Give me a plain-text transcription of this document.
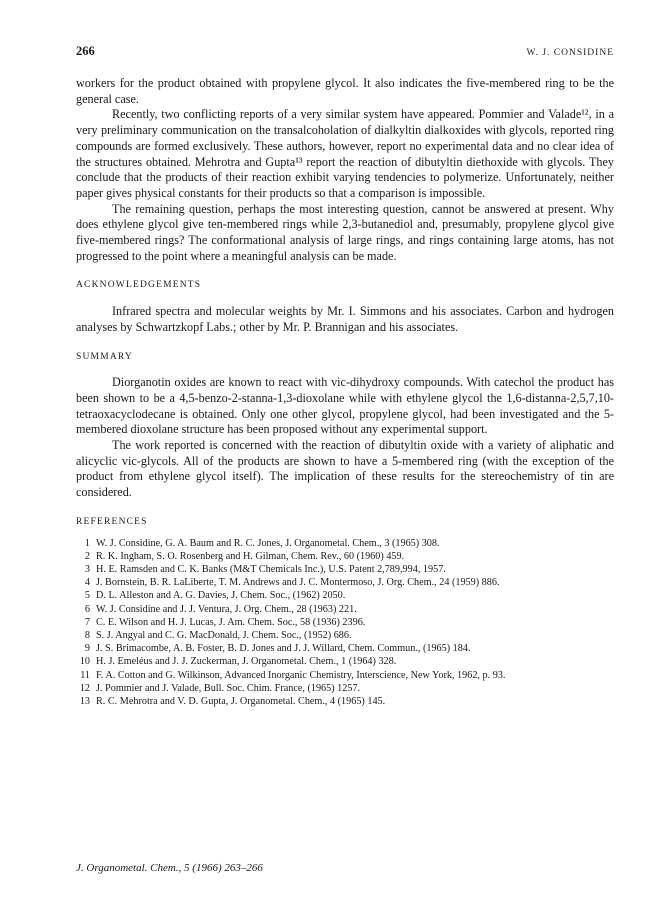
266	W. J. CONSIDINE

workers for the product obtained with propylene glycol. It also indicates the five-membered ring to be the general case.

Recently, two conflicting reports of a very similar system have appeared. Pommier and Valade¹², in a very preliminary communication on the transalcoholation of dialkyltin dialkoxides with glycols, reported ring compounds are formed exclusively. These authors, however, report no experimental data and no clear idea of the structures obtained. Mehrotra and Gupta¹³ report the reaction of dibutyltin diethoxide with glycols. They conclude that the products of their reaction exhibit varying tendencies to polymerize. Unfortunately, neither paper gives physical constants for their products so that a comparison is impossible.

The remaining question, perhaps the most interesting question, cannot be answered at present. Why does ethylene glycol give ten-membered rings while 2,3-butanediol and, presumably, propylene glycol give five-membered rings? The conformational analysis of large rings, and rings containing large atoms, has not progressed to the point where a meaningful analysis can be made.

ACKNOWLEDGEMENTS

Infrared spectra and molecular weights by Mr. I. Simmons and his associates. Carbon and hydrogen analyses by Schwartzkopf Labs.; other by Mr. P. Brannigan and his associates.

SUMMARY

Diorganotin oxides are known to react with vic-dihydroxy compounds. With catechol the product has been shown to be a 4,5-benzo-2-stanna-1,3-dioxolane while with ethylene glycol the 1,6-distanna-2,5,7,10-tetraoxacyclodecane is obtained. Only one other glycol, propylene glycol, had been investigated and the 5-membered dioxolane structure has been proposed without any experimental support.

The work reported is concerned with the reaction of dibutyltin oxide with a variety of aliphatic and alicyclic vic-glycols. All of the products are shown to have a 5-membered ring (with the exception of the product from ethylene glycol itself). The implication of these results for the stereochemistry of tin are considered.

REFERENCES
1 W. J. Considine, G. A. Baum and R. C. Jones, J. Organometal. Chem., 3 (1965) 308.
2 R. K. Ingham, S. O. Rosenberg and H. Gilman, Chem. Rev., 60 (1960) 459.
3 H. E. Ramsden and C. K. Banks (M&T Chemicals Inc.), U.S. Patent 2,789,994, 1957.
4 J. Bornstein, B. R. LaLiberte, T. M. Andrews and J. C. Montermoso, J. Org. Chem., 24 (1959) 886.
5 D. L. Alleston and A. G. Davies, J. Chem. Soc., (1962) 2050.
6 W. J. Considine and J. J. Ventura, J. Org. Chem., 28 (1963) 221.
7 C. E. Wilson and H. J. Lucas, J. Am. Chem. Soc., 58 (1936) 2396.
8 S. J. Angyal and C. G. MacDonald, J. Chem. Soc., (1952) 686.
9 J. S. Brimacombe, A. B. Foster, B. D. Jones and J. J. Willard, Chem. Commun., (1965) 184.
10 H. J. Emeléus and J. J. Zuckerman, J. Organometal. Chem., 1 (1964) 328.
11 F. A. Cotton and G. Wilkinson, Advanced Inorganic Chemistry, Interscience, New York, 1962, p. 93.
12 J. Pommier and J. Valade, Bull. Soc. Chim. France, (1965) 1257.
13 R. C. Mehrotra and V. D. Gupta, J. Organometal. Chem., 4 (1965) 145.
J. Organometal. Chem., 5 (1966) 263–266
